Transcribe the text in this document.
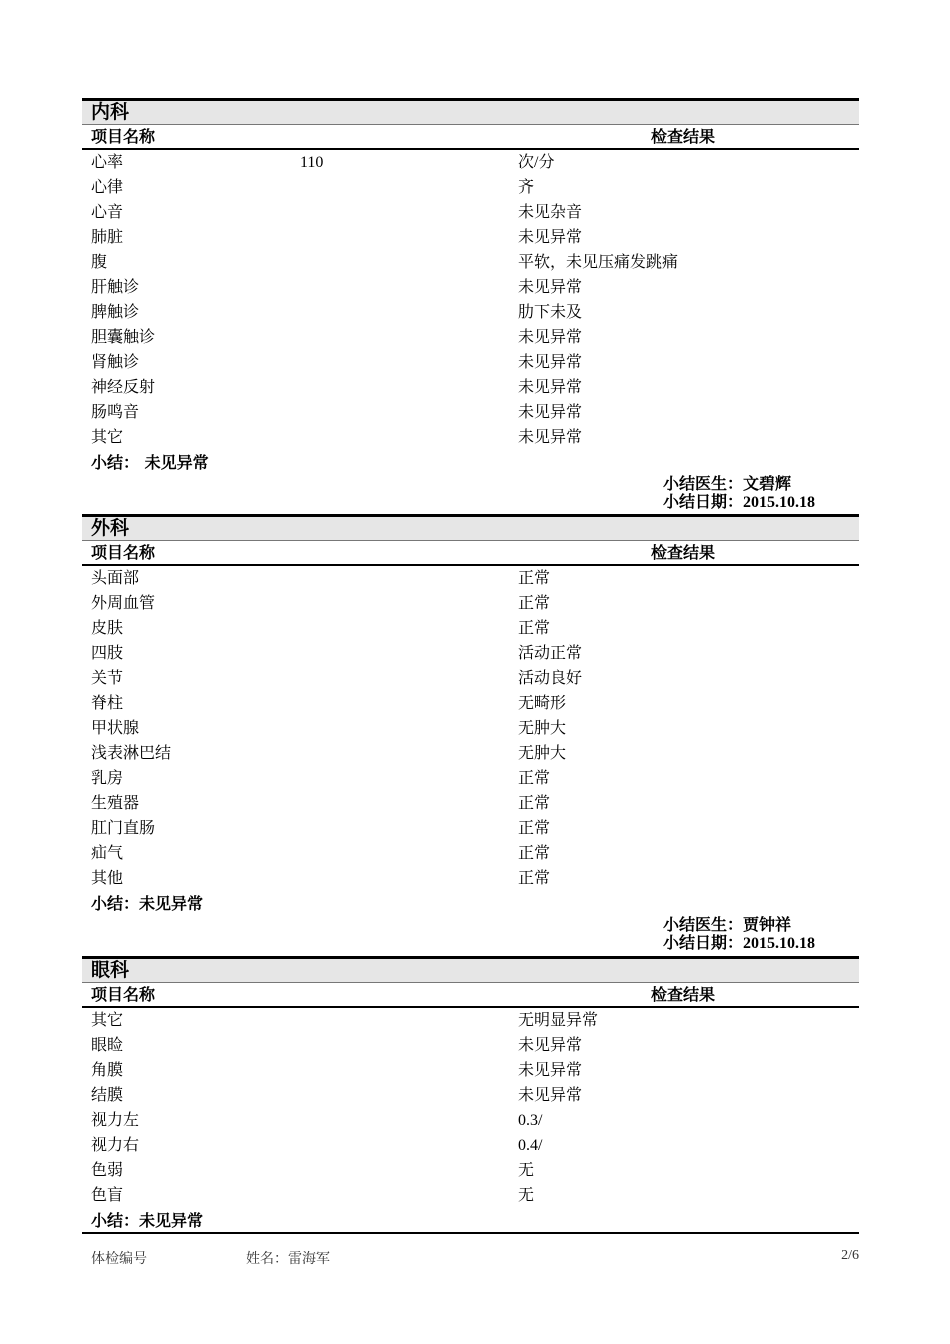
内科
项目名称	检查结果
心率	110	次/分
心律	齐
心音	未见杂音
肺脏	未见异常
腹	平软，未见压痛发跳痛
肝触诊	未见异常
脾触诊	肋下未及
胆囊触诊	未见异常
肾触诊	未见异常
神经反射	未见异常
肠鸣音	未见异常
其它	未见异常
小结： 未见异常
小结医生：文碧辉
小结日期：2015.10.18
外科
项目名称	检查结果
头面部	正常
外周血管	正常
皮肤	正常
四肢	活动正常
关节	活动良好
脊柱	无畸形
甲状腺	无肿大
浅表淋巴结	无肿大
乳房	正常
生殖器	正常
肛门直肠	正常
疝气	正常
其他	正常
小结：未见异常
小结医生：贾钟祥
小结日期：2015.10.18
眼科
项目名称	检查结果
其它	无明显异常
眼睑	未见异常
角膜	未见异常
结膜	未见异常
视力左	0.3/
视力右	0.4/
色弱	无
色盲	无
小结：未见异常
体检编号	姓名：雷海军	2/6
